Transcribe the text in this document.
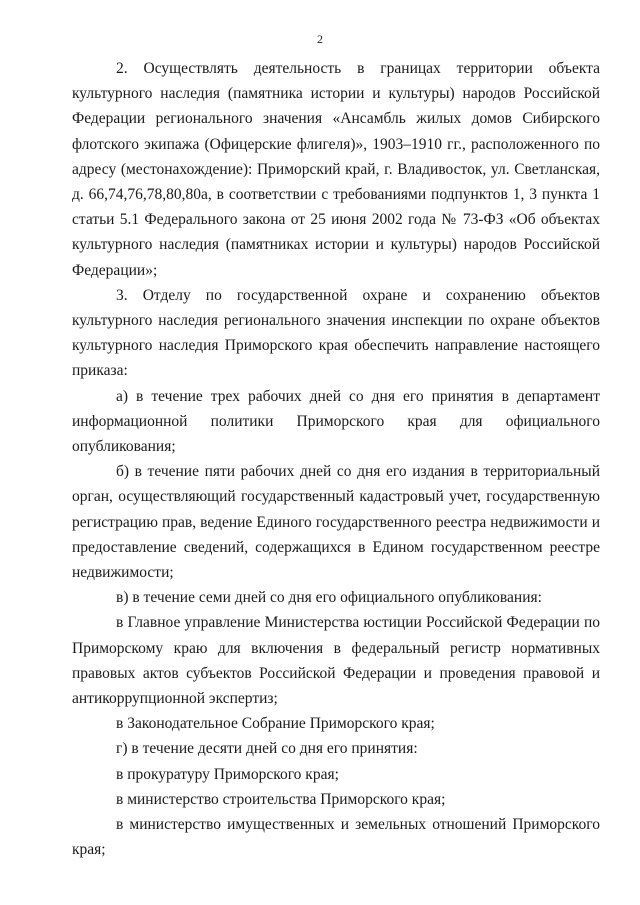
2

2. Осуществлять деятельность в границах территории объекта культурного наследия (памятника истории и культуры) народов Российской Федерации регионального значения «Ансамбль жилых домов Сибирского флотского экипажа (Офицерские флигеля)», 1903–1910 гг., расположенного по адресу (местонахождение): Приморский край, г. Владивосток, ул. Светланская, д. 66,74,76,78,80,80а, в соответствии с требованиями подпунктов 1, 3 пункта 1 статьи 5.1 Федерального закона от 25 июня 2002 года № 73-ФЗ «Об объектах культурного наследия (памятниках истории и культуры) народов Российской Федерации»;

3. Отделу по государственной охране и сохранению объектов культурного наследия регионального значения инспекции по охране объектов культурного наследия Приморского края обеспечить направление настоящего приказа:

а) в течение трех рабочих дней со дня его принятия в департамент информационной политики Приморского края для официального опубликования;

б) в течение пяти рабочих дней со дня его издания в территориальный орган, осуществляющий государственный кадастровый учет, государственную регистрацию прав, ведение Единого государственного реестра недвижимости и предоставление сведений, содержащихся в Едином государственном реестре недвижимости;

в) в течение семи дней со дня его официального опубликования:

в Главное управление Министерства юстиции Российской Федерации по Приморскому краю для включения в федеральный регистр нормативных правовых актов субъектов Российской Федерации и проведения правовой и антикоррупционной экспертиз;

в Законодательное Собрание Приморского края;

г) в течение десяти дней со дня его принятия:

в прокуратуру Приморского края;

в министерство строительства Приморского края;

в министерство имущественных и земельных отношений Приморского края;
